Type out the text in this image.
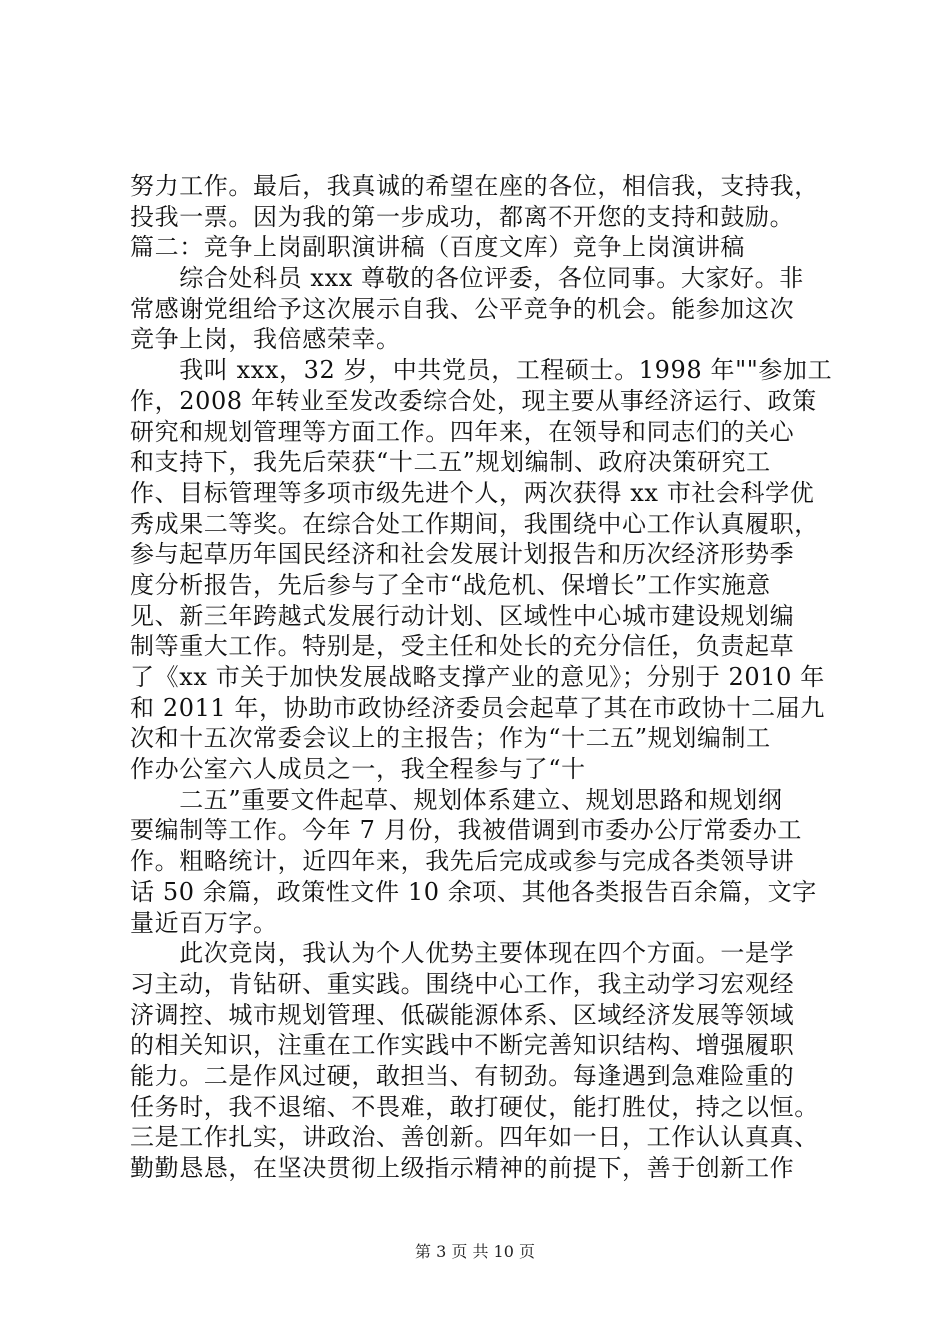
努力工作。最后，我真诚的希望在座的各位，相信我，支持我，
投我一票。因为我的第一步成功，都离不开您的支持和鼓励。
篇二：竞争上岗副职演讲稿（百度文库）竞争上岗演讲稿
　　综合处科员 xxx 尊敬的各位评委，各位同事。大家好。非
常感谢党组给予这次展示自我、公平竞争的机会。能参加这次
竞争上岗，我倍感荣幸。
　　我叫 xxx，32 岁，中共党员，工程硕士。1998 年""参加工
作，2008 年转业至发改委综合处，现主要从事经济运行、政策
研究和规划管理等方面工作。四年来，在领导和同志们的关心
和支持下，我先后荣获“十二五”规划编制、政府决策研究工
作、目标管理等多项市级先进个人，两次获得 xx 市社会科学优
秀成果二等奖。在综合处工作期间，我围绕中心工作认真履职，
参与起草历年国民经济和社会发展计划报告和历次经济形势季
度分析报告，先后参与了全市“战危机、保增长”工作实施意
见、新三年跨越式发展行动计划、区域性中心城市建设规划编
制等重大工作。特别是，受主任和处长的充分信任，负责起草
了《xx 市关于加快发展战略支撑产业的意见》；分别于 2010 年
和 2011 年，协助市政协经济委员会起草了其在市政协十二届九
次和十五次常委会议上的主报告；作为“十二五”规划编制工
作办公室六人成员之一，我全程参与了“十
　　二五”重要文件起草、规划体系建立、规划思路和规划纲
要编制等工作。今年 7 月份，我被借调到市委办公厅常委办工
作。粗略统计，近四年来，我先后完成或参与完成各类领导讲
话 50 余篇，政策性文件 10 余项、其他各类报告百余篇，文字
量近百万字。
　　此次竞岗，我认为个人优势主要体现在四个方面。一是学
习主动，肯钻研、重实践。围绕中心工作，我主动学习宏观经
济调控、城市规划管理、低碳能源体系、区域经济发展等领域
的相关知识，注重在工作实践中不断完善知识结构、增强履职
能力。二是作风过硬，敢担当、有韧劲。每逢遇到急难险重的
任务时，我不退缩、不畏难，敢打硬仗，能打胜仗，持之以恒。
三是工作扎实，讲政治、善创新。四年如一日，工作认认真真、
勤勤恳恳，在坚决贯彻上级指示精神的前提下，善于创新工作
第 3 页 共 10 页
